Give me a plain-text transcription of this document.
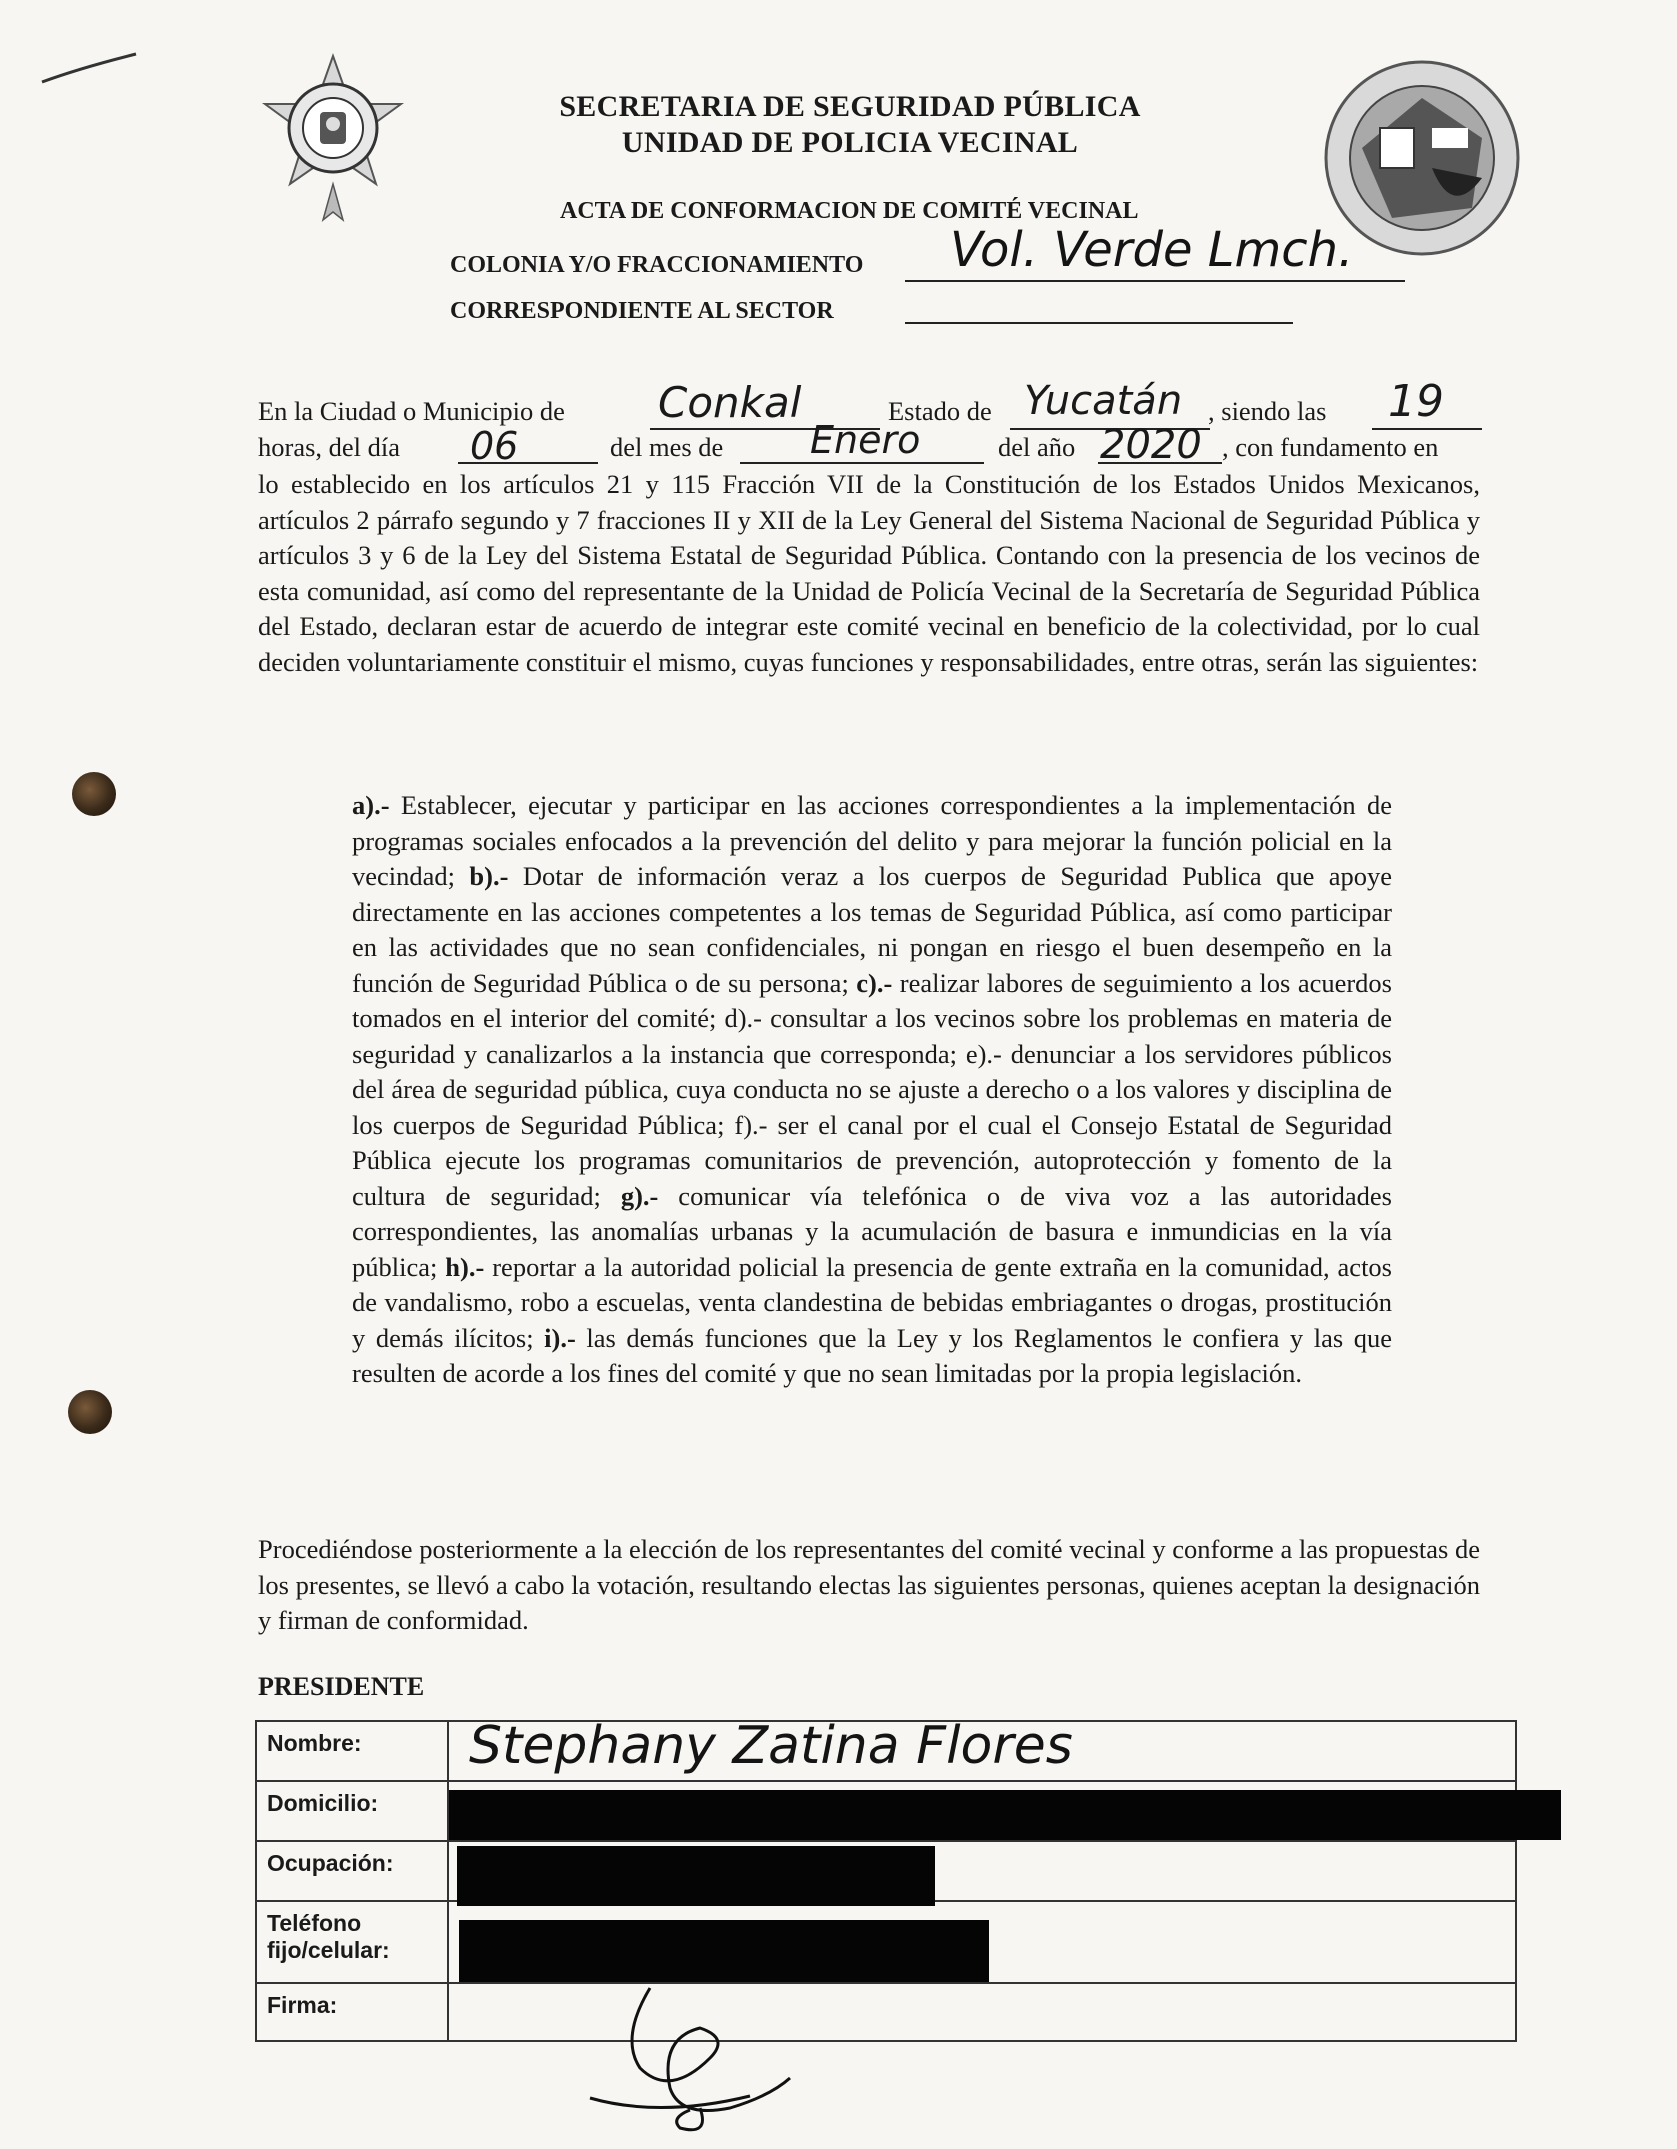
SECRETARIA DE SEGURIDAD PÚBLICA
UNIDAD DE POLICIA VECINAL
ACTA DE CONFORMACION DE COMITÉ VECINAL
COLONIA Y/O FRACCIONAMIENTO Vol. Verde Lmch.
CORRESPONDIENTE AL SECTOR
En la Ciudad o Municipio de Conkal	Estado de Yucatán , siendo las 19
horas, del día 06	del mes de Enero	del año 2020 , con fundamento en
lo establecido en los artículos 21 y 115 Fracción VII de la Constitución de los Estados Unidos Mexicanos, artículos 2 párrafo segundo y 7 fracciones II y XII de la Ley General del Sistema Nacional de Seguridad Pública y artículos 3 y 6 de la Ley del Sistema Estatal de Seguridad Pública. Contando con la presencia de los vecinos de esta comunidad, así como del representante de la Unidad de Policía Vecinal de la Secretaría de Seguridad Pública del Estado, declaran estar de acuerdo de integrar este comité vecinal en beneficio de la colectividad, por lo cual deciden voluntariamente constituir el mismo, cuyas funciones y responsabilidades, entre otras, serán las siguientes:
a).- Establecer, ejecutar y participar en las acciones correspondientes a la implementación de programas sociales enfocados a la prevención del delito y para mejorar la función policial en la vecindad; b).- Dotar de información veraz a los cuerpos de Seguridad Publica que apoye directamente en las acciones competentes a los temas de Seguridad Pública, así como participar en las actividades que no sean confidenciales, ni pongan en riesgo el buen desempeño en la función de Seguridad Pública o de su persona; c).- realizar labores de seguimiento a los acuerdos tomados en el interior del comité; d).- consultar a los vecinos sobre los problemas en materia de seguridad y canalizarlos a la instancia que corresponda; e).- denunciar a los servidores públicos del área de seguridad pública, cuya conducta no se ajuste a derecho o a los valores y disciplina de los cuerpos de Seguridad Pública; f).- ser el canal por el cual el Consejo Estatal de Seguridad Pública ejecute los programas comunitarios de prevención, autoprotección y fomento de la cultura de seguridad; g).- comunicar vía telefónica o de viva voz a las autoridades correspondientes, las anomalías urbanas y la acumulación de basura e inmundicias en la vía pública; h).- reportar a la autoridad policial la presencia de gente extraña en la comunidad, actos de vandalismo, robo a escuelas, venta clandestina de bebidas embriagantes o drogas, prostitución y demás ilícitos; i).- las demás funciones que la Ley y los Reglamentos le confiera y las que resulten de acorde a los fines del comité y que no sean limitadas por la propia legislación.
Procediéndose posteriormente a la elección de los representantes del comité vecinal y conforme a las propuestas de los presentes, se llevó a cabo la votación, resultando electas las siguientes personas, quienes aceptan la designación y firman de conformidad.
PRESIDENTE
Nombre:	Stephany Zatina Flores

Domicilio:	

Ocupación:	

Teléfono
fijo/celular:	

Firma:	
